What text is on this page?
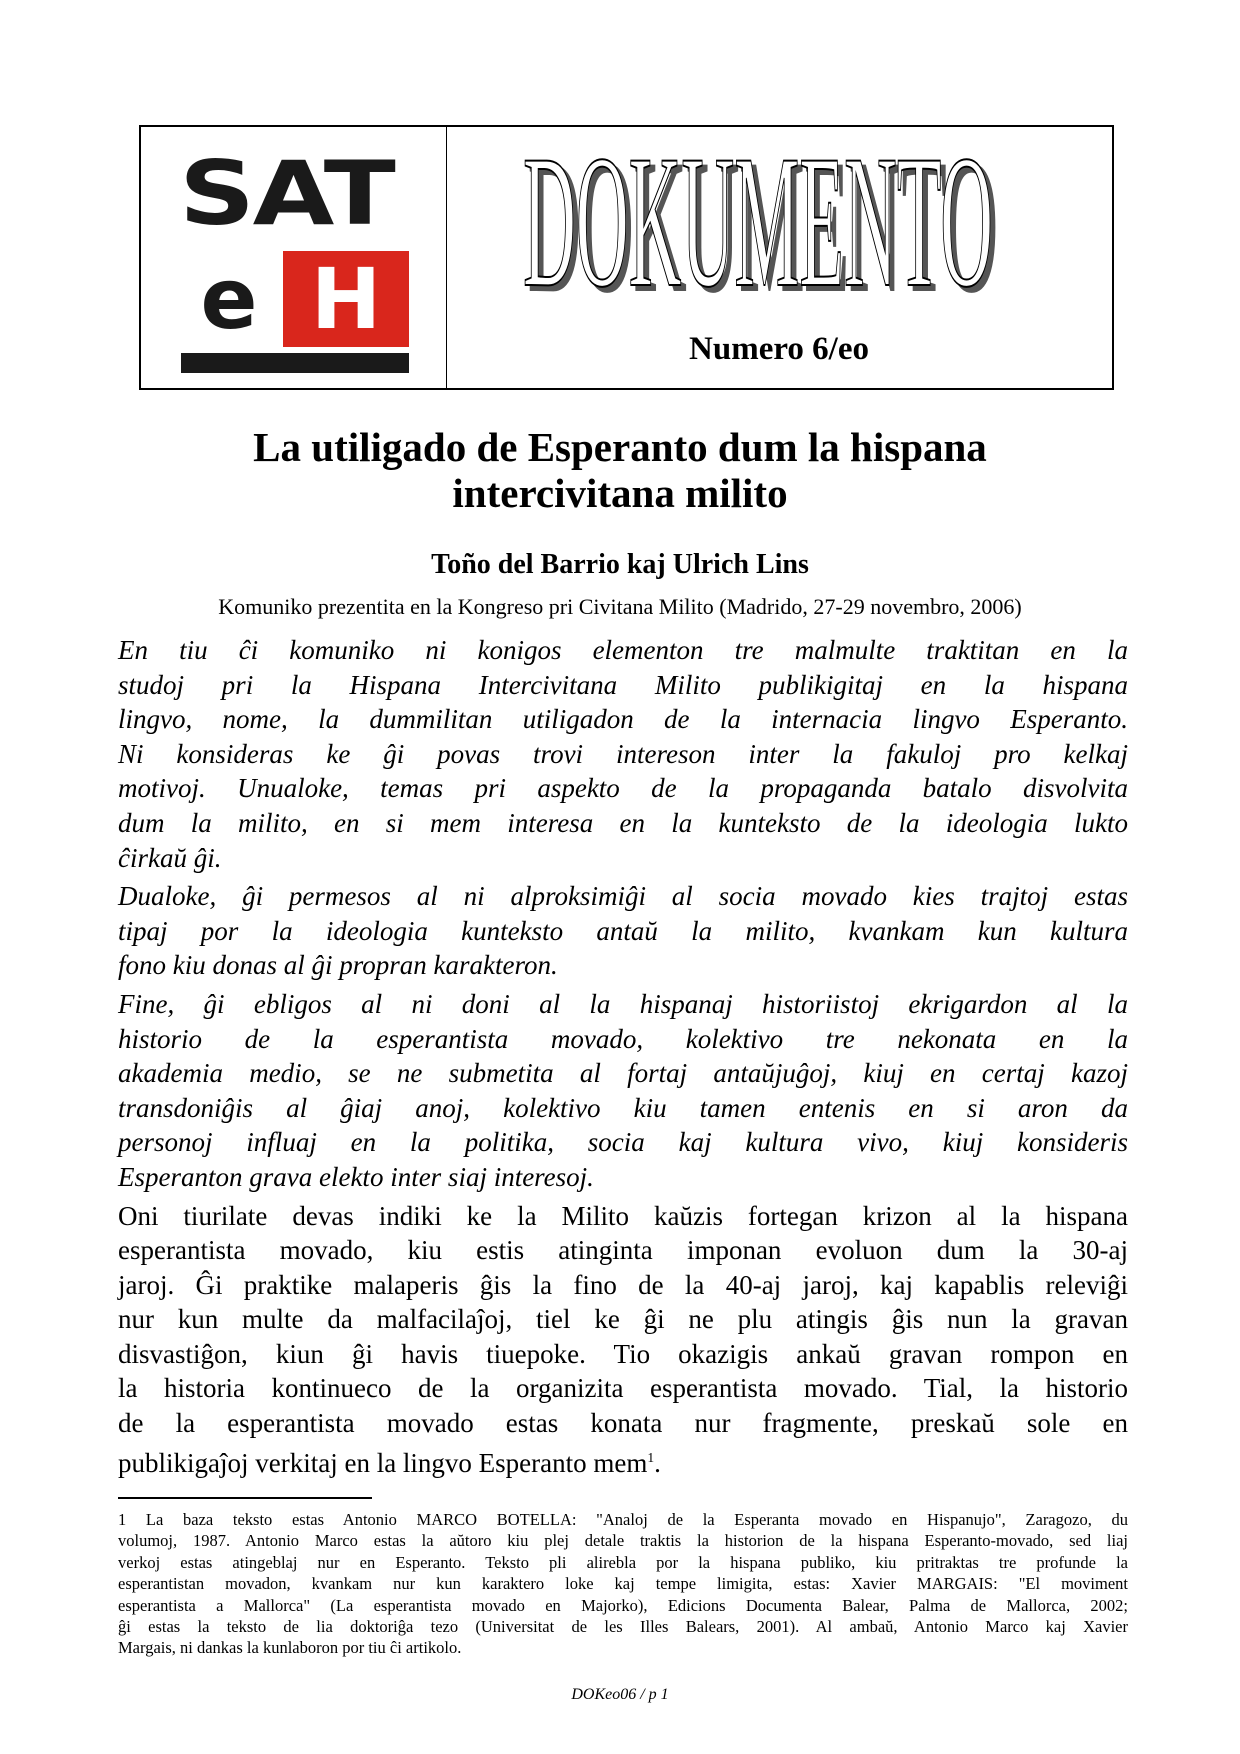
SAT
e H DOKUMENTO
Numero 6/eo
La utiligado de Esperanto dum la hispana
intercivitana milito
Toño del Barrio kaj Ulrich Lins
Komuniko prezentita en la Kongreso pri Civitana Milito (Madrido, 27-29 novembro, 2006)
En tiu ĉi komuniko ni konigos elementon tre malmulte traktitan en la
studoj pri la Hispana Intercivitana Milito publikigitaj en la hispana
lingvo, nome, la dummilitan utiligadon de la internacia lingvo Esperanto.
Ni konsideras ke ĝi povas trovi intereson inter la fakuloj pro kelkaj
motivoj. Unualoke, temas pri aspekto de la propaganda batalo disvolvita
dum la milito, en si mem interesa en la kunteksto de la ideologia lukto
ĉirkaŭ ĝi.
Dualoke, ĝi permesos al ni alproksimiĝi al socia movado kies trajtoj estas
tipaj por la ideologia kunteksto antaŭ la milito, kvankam kun kultura
fono kiu donas al ĝi propran karakteron.
Fine, ĝi ebligos al ni doni al la hispanaj historiistoj ekrigardon al la
historio de la esperantista movado, kolektivo tre nekonata en la
akademia medio, se ne submetita al fortaj antaŭjuĝoj, kiuj en certaj kazoj
transdoniĝis al ĝiaj anoj, kolektivo kiu tamen entenis en si aron da
personoj influaj en la politika, socia kaj kultura vivo, kiuj konsideris
Esperanton grava elekto inter siaj interesoj.
Oni tiurilate devas indiki ke la Milito kaŭzis fortegan krizon al la hispana
esperantista movado, kiu estis atinginta imponan evoluon dum la 30-aj
jaroj. Ĝi praktike malaperis ĝis la fino de la 40-aj jaroj, kaj kapablis releviĝi
nur kun multe da malfacilaĵoj, tiel ke ĝi ne plu atingis ĝis nun la gravan
disvastiĝon, kiun ĝi havis tiuepoke. Tio okazigis ankaŭ gravan rompon en
la historia kontinueco de la organizita esperantista movado. Tial, la historio
de la esperantista movado estas konata nur fragmente, preskaŭ sole en
publikigaĵoj verkitaj en la lingvo Esperanto mem$^1$.
1 La baza teksto estas Antonio MARCO BOTELLA: "Analoj de la Esperanta movado en Hispanujo", Zaragozo, du
volumoj, 1987. Antonio Marco estas la aŭtoro kiu plej detale traktis la historion de la hispana Esperanto-movado, sed liaj
verkoj estas atingeblaj nur en Esperanto. Teksto pli alirebla por la hispana publiko, kiu pritraktas tre profunde la
esperantistan movadon, kvankam nur kun karaktero loke kaj tempe limigita, estas: Xavier MARGAIS: "El moviment
esperantista a Mallorca" (La esperantista movado en Majorko), Edicions Documenta Balear, Palma de Mallorca, 2002;
ĝi estas la teksto de lia doktoriĝa tezo (Universitat de les Illes Balears, 2001). Al ambaŭ, Antonio Marco kaj Xavier
Margais, ni dankas la kunlaboron por tiu ĉi artikolo.
DOKeo06 / p 1
